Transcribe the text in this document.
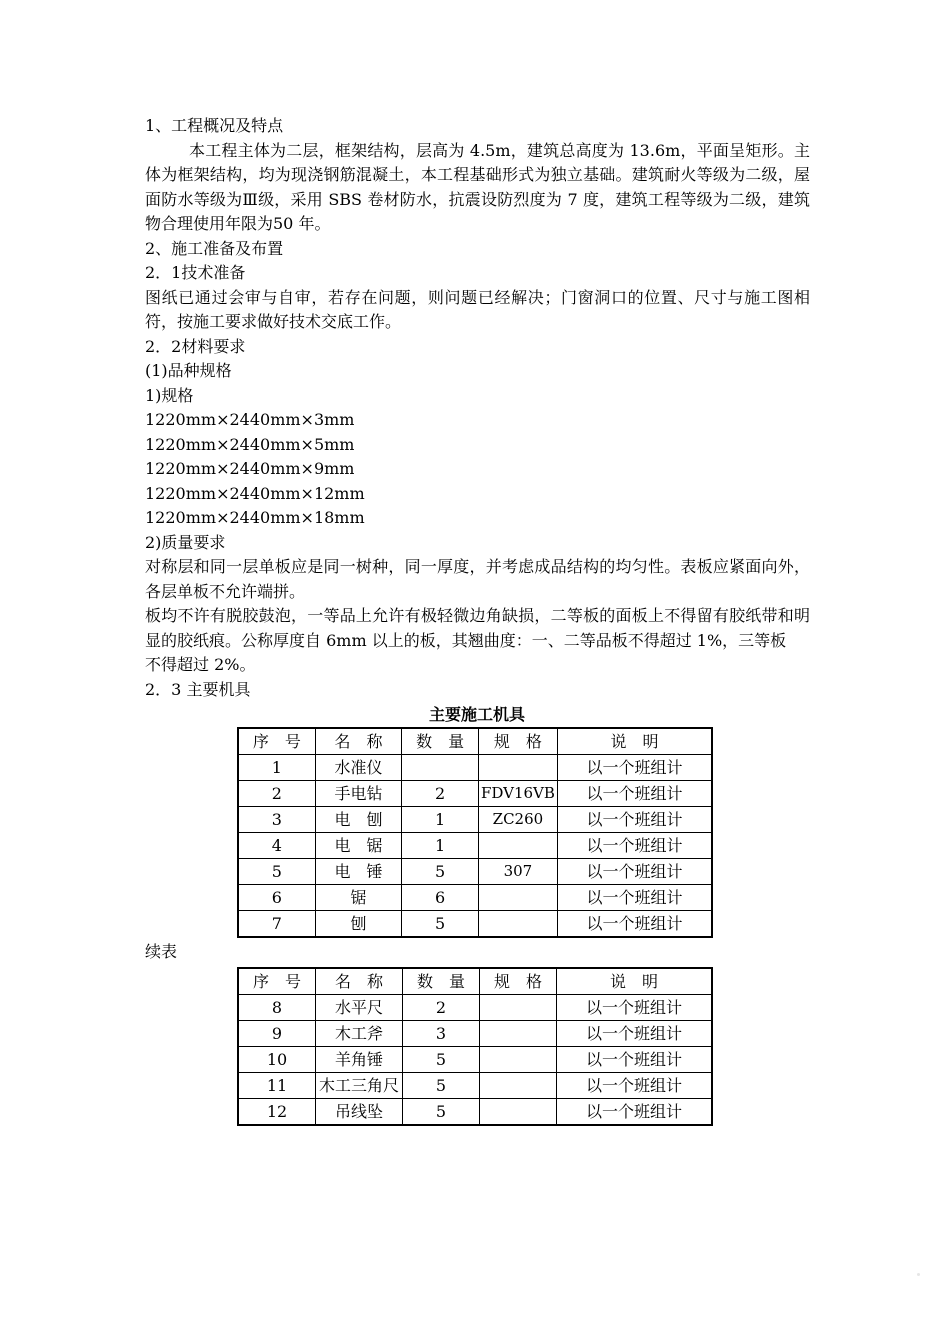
1、工程概况及特点
本工程主体为二层，框架结构，层高为 4.5m，建筑总高度为 13.6m，平面呈矩形。主体为框架结构，均为现浇钢筋混凝土，本工程基础形式为独立基础。建筑耐火等级为二级，屋面防水等级为Ⅲ级，采用 SBS 卷材防水，抗震设防烈度为 7 度，建筑工程等级为二级，建筑物合理使用年限为50 年。
2、施工准备及布置
2．1技术准备
图纸已通过会审与自审，若存在问题，则问题已经解决；门窗洞口的位置、尺寸与施工图相符，按施工要求做好技术交底工作。
2．2材料要求
(1)品种规格
1)规格
1220mm×2440mm×3mm
1220mm×2440mm×5mm
1220mm×2440mm×9mm
1220mm×2440mm×12mm
1220mm×2440mm×18mm
2)质量要求
对称层和同一层单板应是同一树种，同一厚度，并考虑成品结构的均匀性。表板应紧面向外，各层单板不允许端拼。
板均不许有脱胶鼓泡，一等品上允许有极轻微边角缺损，二等板的面板上不得留有胶纸带和明显的胶纸痕。公称厚度自 6mm 以上的板，其翘曲度：一、二等品板不得超过 1%，三等板
不得超过 2%。
2．3 主要机具
主要施工机具
序　号	名　称	数　量	规　格	说　明
1	水准仪			以一个班组计
2	手电钻	2	FDV16VB	以一个班组计
3	电　刨	1	ZC260	以一个班组计
4	电　锯	1		以一个班组计
5	电　锤	5	307	以一个班组计
6	锯	6		以一个班组计
7	刨	5		以一个班组计
续表
序　号	名　称	数　量	规　格	说　明
8	水平尺	2		以一个班组计
9	木工斧	3		以一个班组计
10	羊角锤	5		以一个班组计
11	木工三角尺	5		以一个班组计
12	吊线坠	5		以一个班组计
